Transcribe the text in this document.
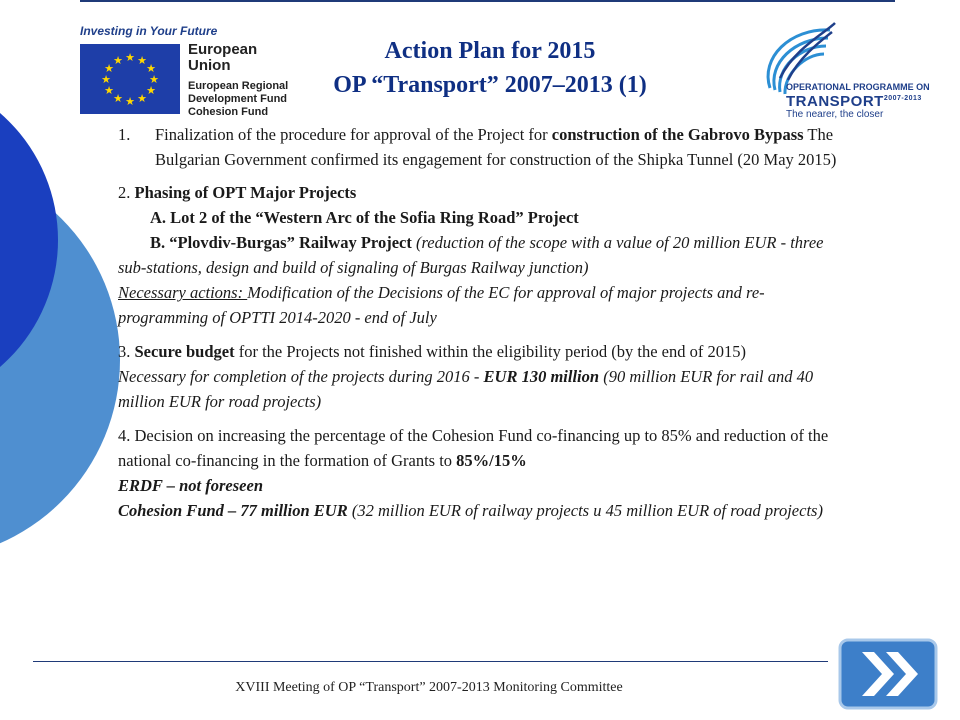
Investing in Your Future
★ ★
★
★
★
★
★
★
★
★
★
★
European
Union
European Regional
Development Fund
Cohesion Fund
Action Plan for 2015
OP “Transport” 2007–2013 (1)	OPERATIONAL PROGRAMME ON
$TRANSPORT^{2007-2013}$
The nearer, the closer

1. Finalization of the procedure for approval of the Project for construction of the Gabrovo Bypass The Bulgarian Government confirmed its engagement for construction of the Shipka Tunnel (20 May 2015)

2. Phasing of OPT Major Projects

A. Lot 2 of the “Western Arc of the Sofia Ring Road” Project

B. “Plovdiv-Burgas” Railway Project (reduction of the scope with a value of 20 million EUR - three sub-stations, design and build of signaling of Burgas Railway junction)

Necessary actions: Modification of the Decisions of the EC for approval of major projects and re-programming of OPTTI 2014-2020 - end of July

3. Secure budget for the Projects not finished within the eligibility period (by the end of 2015)

Necessary for completion of the projects during 2016 - EUR 130 million (90 million EUR for rail and 40 million EUR for road projects)

4. Decision on increasing the percentage of the Cohesion Fund co-financing up to 85% and reduction of the national co-financing in the formation of Grants to 85%/15%

ERDF – not foreseen

Cohesion Fund – 77 million EUR (32 million EUR of railway projects u 45 million EUR of road projects)

XVIII Meeting of OP “Transport” 2007-2013 Monitoring Committee
